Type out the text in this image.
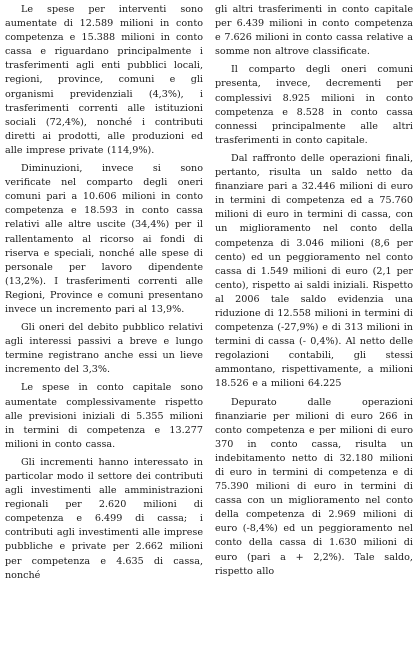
Le spese per interventi sono aumentate di 12.589 milioni in conto competenza e 15.388 milioni in conto cassa e riguardano principalmente i trasferimenti agli enti pubblici locali, regioni, province, comuni e gli organismi previdenziali (4,3%), i trasferimenti correnti alle istituzioni sociali (72,4%), nonché i contributi diretti ai prodotti, alle produzioni ed alle imprese private (114,9%).

Diminuzioni, invece si sono verificate nel comparto degli oneri comuni pari a 10.606 milioni in conto competenza e 18.593 in conto cassa relativi alle altre uscite (34,4%) per il rallentamento al ricorso ai fondi di riserva e speciali, nonché alle spese di personale per lavoro dipendente (13,2%). I trasferimenti correnti alle Regioni, Province e comuni presentano invece un incremento pari al 13,9%.

Gli oneri del debito pubblico relativi agli interessi passivi a breve e lungo termine registrano anche essi un lieve incremento del 3,3%.

Le spese in conto capitale sono aumentate complessivamente rispetto alle previsioni iniziali di 5.355 milioni in termini di competenza e 13.277 milioni in conto cassa.

Gli incrementi hanno interessato in particolar modo il settore dei contributi agli investimenti alle amministrazioni regionali per 2.620 milioni di competenza e 6.499 di cassa; i contributi agli investimenti alle imprese pubbliche e private per 2.662 milioni per competenza e 4.635 di cassa, nonché

gli altri trasferimenti in conto capitale per 6.439 milioni in conto competenza e 7.626 milioni in conto cassa relative a somme non altrove classificate.

Il comparto degli oneri comuni presenta, invece, decrementi per complessivi 8.925 milioni in conto competenza e 8.528 in conto cassa connessi principalmente alle altri trasferimenti in conto capitale.

Dal raffronto delle operazioni finali, pertanto, risulta un saldo netto da finanziare pari a 32.446 milioni di euro in termini di competenza ed a 75.760 milioni di euro in termini di cassa, con un miglioramento nel conto della competenza di 3.046 milioni (8,6 per cento) ed un peggioramento nel conto cassa di 1.549 milioni di euro (2,1 per cento), rispetto ai saldi iniziali. Rispetto al 2006 tale saldo evidenzia una riduzione di 12.558 milioni in termini di competenza (-27,9%) e di 313 milioni in termini di cassa (- 0,4%). Al netto delle regolazioni contabili, gli stessi ammontano, rispettivamente, a milioni 18.526 e a milioni 64.225

Depurato dalle operazioni finanziarie per milioni di euro 266 in conto competenza e per milioni di euro 370 in conto cassa, risulta un indebitamento netto di 32.180 milioni di euro in termini di competenza e di 75.390 milioni di euro in termini di cassa con un miglioramento nel conto della competenza di 2.969 milioni di euro (-8,4%) ed un peggioramento nel conto della cassa di 1.630 milioni di euro (pari a + 2,2%). Tale saldo, rispetto allo
